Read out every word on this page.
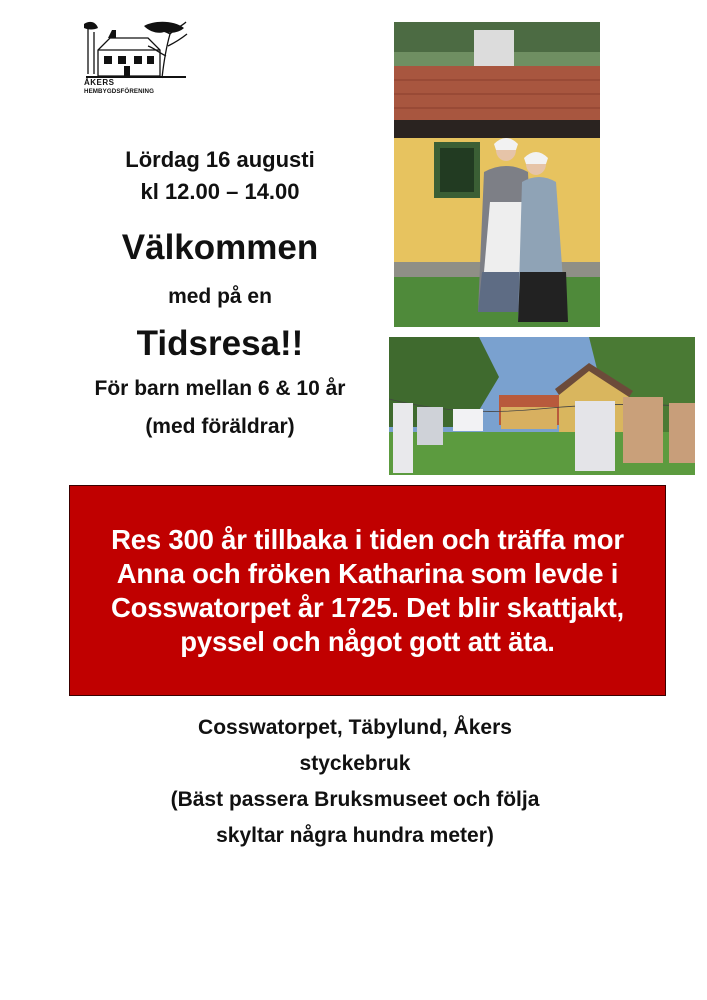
ÅKERS
HEMBYGDSFÖRENING
Lördag 16 augusti
kl 12.00 – 14.00
Välkommen
med på en
Tidsresa!!
För barn mellan 6 & 10 år
(med föräldrar)
Res 300 år tillbaka i tiden och träffa mor Anna och fröken Katharina som levde i Cosswatorpet år 1725. Det blir skattjakt, pyssel och något gott att äta.
Cosswatorpet, Täbylund, Åkers
styckebruk
(Bäst passera Bruksmuseet och följa
skyltar några hundra meter)
